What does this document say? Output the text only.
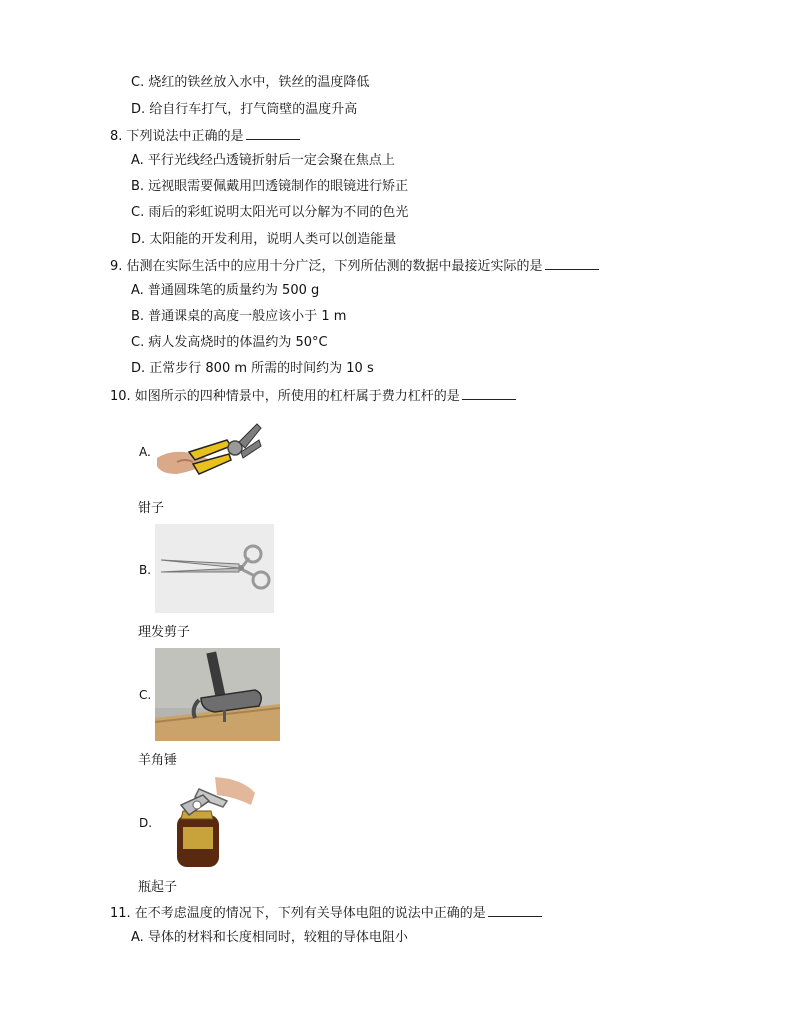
C. 烧红的铁丝放入水中，铁丝的温度降低
D. 给自行车打气，打气筒壁的温度升高
8. 下列说法中正确的是
A. 平行光线经凸透镜折射后一定会聚在焦点上
B. 远视眼需要佩戴用凹透镜制作的眼镜进行矫正
C. 雨后的彩虹说明太阳光可以分解为不同的色光
D. 太阳能的开发利用，说明人类可以创造能量
9. 估测在实际生活中的应用十分广泛，下列所估测的数据中最接近实际的是
A. 普通圆珠笔的质量约为 500 g
B. 普通课桌的高度一般应该小于 1 m
C. 病人发高烧时的体温约为 50°C
D. 正常步行 800 m 所需的时间约为 10 s
10. 如图所示的四种情景中，所使用的杠杆属于费力杠杆的是
A.
钳子
B.
理发剪子
C.
羊角锤
D.
瓶起子
11. 在不考虑温度的情况下，下列有关导体电阻的说法中正确的是
A. 导体的材料和长度相同时，较粗的导体电阻小
